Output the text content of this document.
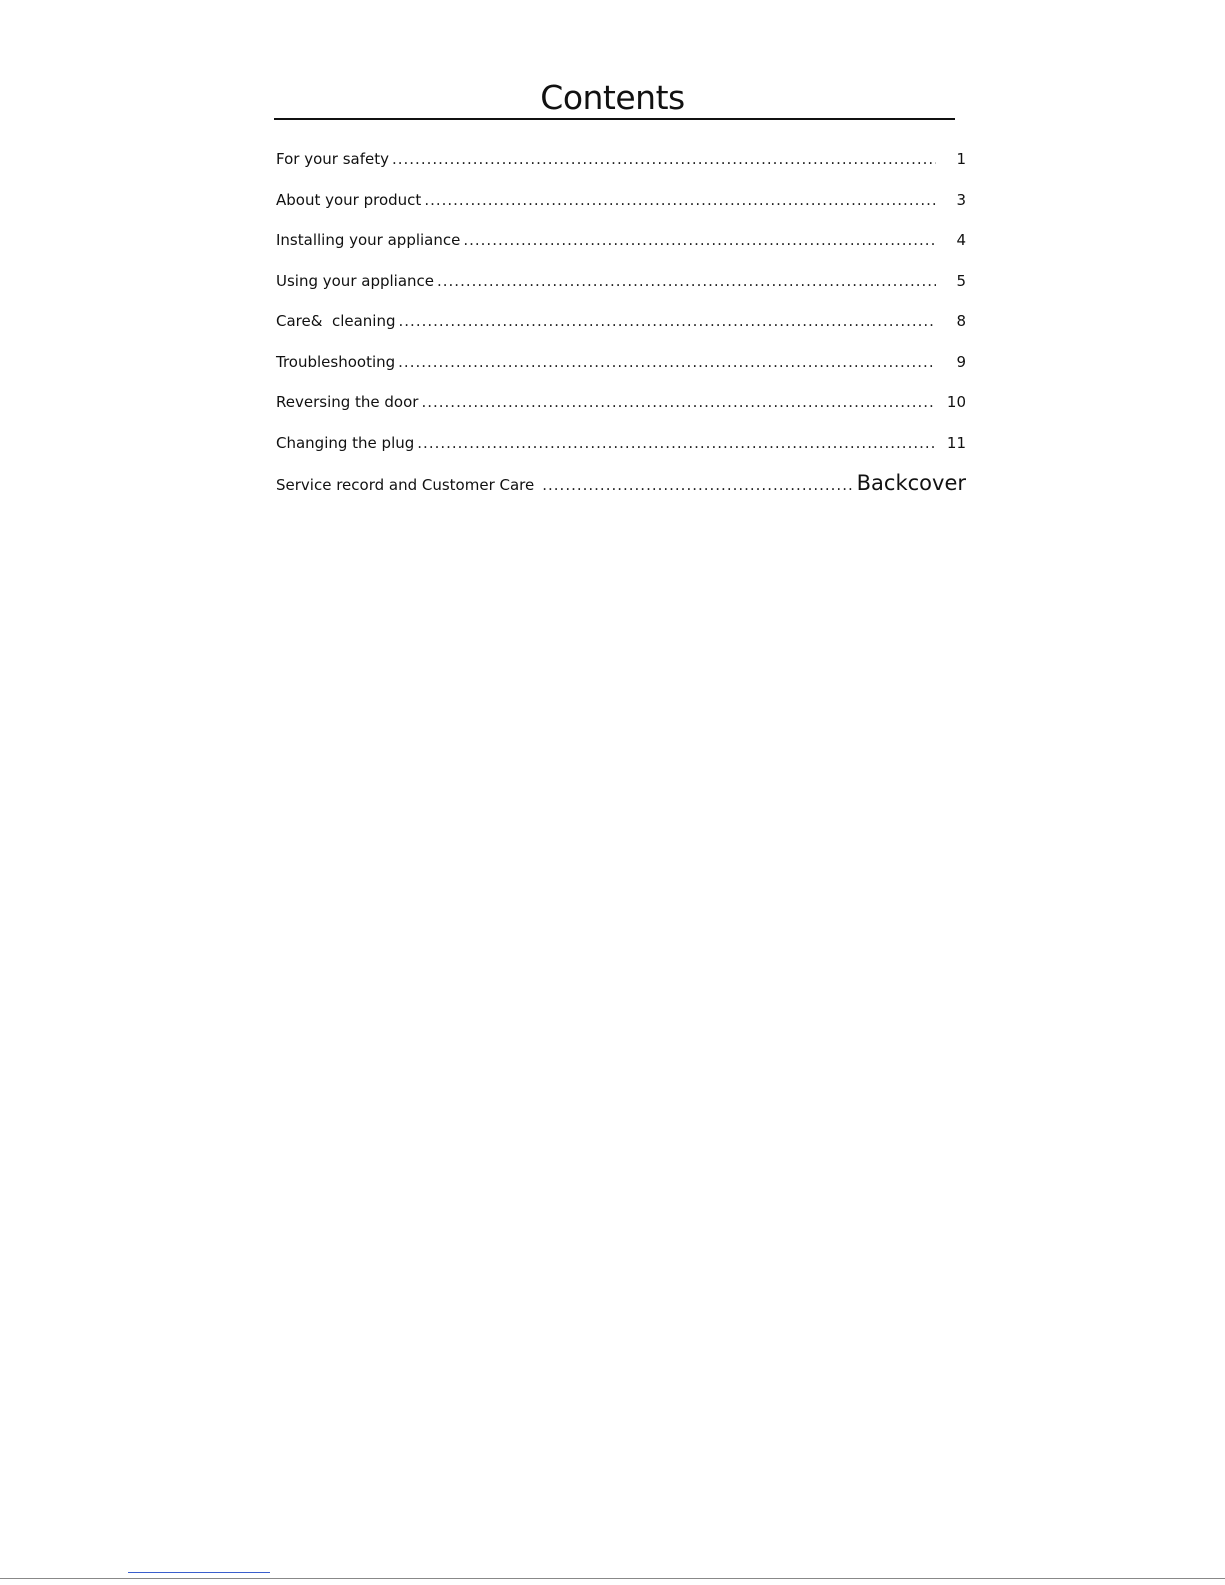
Contents
For your safety .....	1
About your product .....	3
Installing your appliance .....	4
Using your appliance .....	5
Care&  cleaning .....	8
Troubleshooting .....	9
Reversing the door .....	10
Changing the plug .....	11
Service record and Customer Care .....	Backcover
